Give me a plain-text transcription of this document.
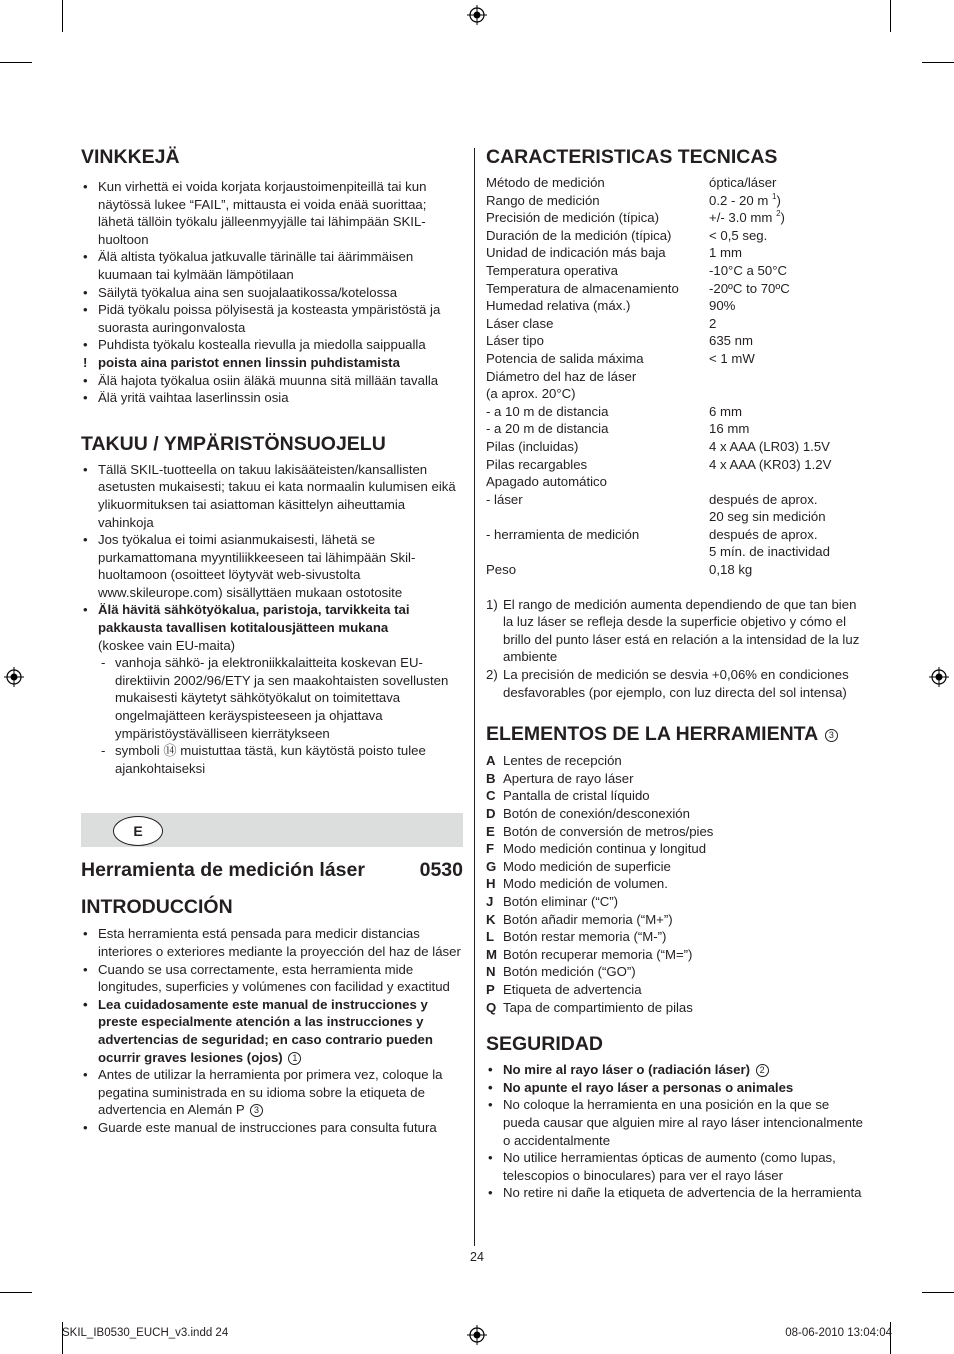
VINKKEJÄ
• Kun virhettä ei voida korjata korjaustoimenpiteillä tai kun näytössä lukee “FAIL”, mittausta ei voida enää suorittaa; lähetä tällöin työkalu jälleenmyyjälle tai lähimpään SKIL-huoltoon
• Älä altista työkalua jatkuvalle tärinälle tai äärimmäisen kuumaan tai kylmään lämpötilaan
• Säilytä työkalua aina sen suojalaatikossa/kotelossa
• Pidä työkalu poissa pölyisestä ja kosteasta ympäristöstä ja suorasta auringonvalosta
• Puhdista työkalu kostealla rievulla ja miedolla saippualla
! poista aina paristot ennen linssin puhdistamista
• Älä hajota työkalua osiin äläkä muunna sitä millään tavalla
• Älä yritä vaihtaa laserlinssin osia
TAKUU / YMPÄRISTÖNSUOJELU
• Tällä SKIL-tuotteella on takuu lakisääteisten/kansallisten asetusten mukaisesti; takuu ei kata normaalin kulumisen eikä ylikuormituksen tai asiattoman käsittelyn aiheuttamia vahinkoja
• Jos työkalua ei toimi asianmukaisesti, lähetä se purkamattomana myyntiliikkeeseen tai lähimpään Skil-huoltamoon (osoitteet löytyvät web-sivustolta www.skileurope.com) sisällyttäen mukaan ostotosite
• Älä hävitä sähkötyökalua, paristoja, tarvikkeita tai pakkausta tavallisen kotitalousjätteen mukana
(koskee vain EU-maita)
- vanhoja sähkö- ja elektroniikkalaitteita koskevan EU-direktiivin 2002/96/ETY ja sen maakohtaisten sovellusten mukaisesti käytetyt sähkötyökalut on toimitettava ongelmajätteen keräyspisteeseen ja ohjattava ympäristöystävälliseen kierrätykseen
- symboli ⑭ muistuttaa tästä, kun käytöstä poisto tulee ajankohtaiseksi
E
Herramienta de medición láser	0530
INTRODUCCIÓN
• Esta herramienta está pensada para medicir distancias interiores o exteriores mediante la proyección del haz de láser
• Cuando se usa correctamente, esta herramienta mide longitudes, superficies y volúmenes con facilidad y exactitud
• Lea cuidadosamente este manual de instrucciones y preste especialmente atención a las instrucciones y advertencias de seguridad; en caso contrario pueden ocurrir graves lesiones (ojos) 1
• Antes de utilizar la herramienta por primera vez, coloque la pegatina suministrada en su idioma sobre la etiqueta de advertencia en Alemán P 3
• Guarde este manual de instrucciones para consulta futura
CARACTERISTICAS TECNICAS
Método de medición	óptica/láser
Rango de medición	0.2 - 20 m $^1$)
Precisión de medición (típica)	+/- 3.0 mm $^2$)
Duración de la medición (típica)	< 0,5 seg.
Unidad de indicación más baja	1 mm
Temperatura operativa	-10°C a 50°C
Temperatura de almacenamiento	-20ºC to 70ºC
Humedad relativa (máx.)	90%
Láser clase	2
Láser tipo	635 nm
Potencia de salida máxima	< 1 mW
Diámetro del haz de láser	
(a aprox. 20°C)	
- a 10 m de distancia	6 mm
- a 20 m de distancia	16 mm
Pilas (incluidas)	4 x AAA (LR03) 1.5V
Pilas recargables	4 x AAA (KR03) 1.2V
Apagado automático	
- láser	después de aprox.
	20 seg sin medición
- herramienta de medición	después de aprox.
	5 mín. de inactividad
Peso	0,18 kg
1) El rango de medición aumenta dependiendo de que tan bien la luz láser se refleja desde la superficie objetivo y cómo el brillo del punto láser está en relación a la intensidad de la luz ambiente
2) La precisión de medición se desvia +0,06% en condiciones desfavorables (por ejemplo, con luz directa del sol intensa)
ELEMENTOS DE LA HERRAMIENTA 3
A Lentes de recepción
B Apertura de rayo láser
C Pantalla de cristal líquido
D Botón de conexión/desconexión
E Botón de conversión de metros/pies
F Modo medición continua y longitud
G Modo medición de superficie
H Modo medición de volumen.
J Botón eliminar (“C”)
K Botón añadir memoria (“M+”)
L Botón restar memoria (“M-”)
M Botón recuperar memoria (“M=”)
N Botón medición (“GO”)
P Etiqueta de advertencia
Q Tapa de compartimiento de pilas
SEGURIDAD
• No mire al rayo láser o (radiación láser) 2
• No apunte el rayo láser a personas o animales
• No coloque la herramienta en una posición en la que se pueda causar que alguien mire al rayo láser intencionalmente o accidentalmente
• No utilice herramientas ópticas de aumento (como lupas, telescopios o binoculares) para ver el rayo láser
• No retire ni dañe la etiqueta de advertencia de la herramienta
24
SKIL_IB0530_EUCH_v3.indd 24	08-06-2010 13:04:04
